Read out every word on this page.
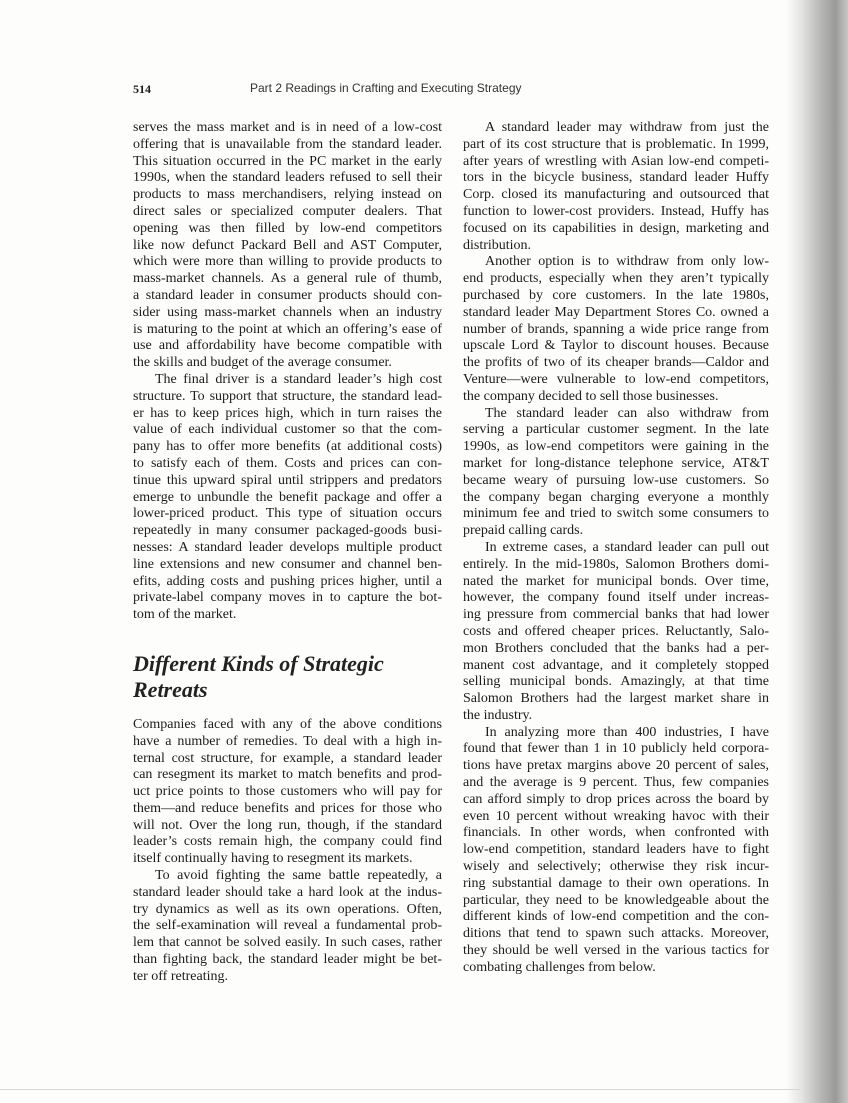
514	Part 2 Readings in Crafting and Executing Strategy
serves the mass market and is in need of a low-cost
offering that is unavailable from the standard leader.
This situation occurred in the PC market in the early
1990s, when the standard leaders refused to sell their
products to mass merchandisers, relying instead on
direct sales or specialized computer dealers. That
opening was then filled by low-end competitors
like now defunct Packard Bell and AST Computer,
which were more than willing to provide products to
mass-market channels. As a general rule of thumb,
a standard leader in consumer products should con-
sider using mass-market channels when an industry
is maturing to the point at which an offering’s ease of
use and affordability have become compatible with
the skills and budget of the average consumer.
The final driver is a standard leader’s high cost
structure. To support that structure, the standard lead-
er has to keep prices high, which in turn raises the
value of each individual customer so that the com-
pany has to offer more benefits (at additional costs)
to satisfy each of them. Costs and prices can con-
tinue this upward spiral until strippers and predators
emerge to unbundle the benefit package and offer a
lower-priced product. This type of situation occurs
repeatedly in many consumer packaged-goods busi-
nesses: A standard leader develops multiple product
line extensions and new consumer and channel ben-
efits, adding costs and pushing prices higher, until a
private-label company moves in to capture the bot-
tom of the market.
Different Kinds of Strategic
Retreats
Companies faced with any of the above conditions
have a number of remedies. To deal with a high in-
ternal cost structure, for example, a standard leader
can resegment its market to match benefits and prod-
uct price points to those customers who will pay for
them—and reduce benefits and prices for those who
will not. Over the long run, though, if the standard
leader’s costs remain high, the company could find
itself continually having to resegment its markets.
To avoid fighting the same battle repeatedly, a
standard leader should take a hard look at the indus-
try dynamics as well as its own operations. Often,
the self-examination will reveal a fundamental prob-
lem that cannot be solved easily. In such cases, rather
than fighting back, the standard leader might be bet-
ter off retreating.
A standard leader may withdraw from just the
part of its cost structure that is problematic. In 1999,
after years of wrestling with Asian low-end competi-
tors in the bicycle business, standard leader Huffy
Corp. closed its manufacturing and outsourced that
function to lower-cost providers. Instead, Huffy has
focused on its capabilities in design, marketing and
distribution.
Another option is to withdraw from only low-
end products, especially when they aren’t typically
purchased by core customers. In the late 1980s,
standard leader May Department Stores Co. owned a
number of brands, spanning a wide price range from
upscale Lord & Taylor to discount houses. Because
the profits of two of its cheaper brands—Caldor and
Venture—were vulnerable to low-end competitors,
the company decided to sell those businesses.
The standard leader can also withdraw from
serving a particular customer segment. In the late
1990s, as low-end competitors were gaining in the
market for long-distance telephone service, AT&T
became weary of pursuing low-use customers. So
the company began charging everyone a monthly
minimum fee and tried to switch some consumers to
prepaid calling cards.
In extreme cases, a standard leader can pull out
entirely. In the mid-1980s, Salomon Brothers domi-
nated the market for municipal bonds. Over time,
however, the company found itself under increas-
ing pressure from commercial banks that had lower
costs and offered cheaper prices. Reluctantly, Salo-
mon Brothers concluded that the banks had a per-
manent cost advantage, and it completely stopped
selling municipal bonds. Amazingly, at that time
Salomon Brothers had the largest market share in
the industry.
In analyzing more than 400 industries, I have
found that fewer than 1 in 10 publicly held corpora-
tions have pretax margins above 20 percent of sales,
and the average is 9 percent. Thus, few companies
can afford simply to drop prices across the board by
even 10 percent without wreaking havoc with their
financials. In other words, when confronted with
low-end competition, standard leaders have to fight
wisely and selectively; otherwise they risk incur-
ring substantial damage to their own operations. In
particular, they need to be knowledgeable about the
different kinds of low-end competition and the con-
ditions that tend to spawn such attacks. Moreover,
they should be well versed in the various tactics for
combating challenges from below.
